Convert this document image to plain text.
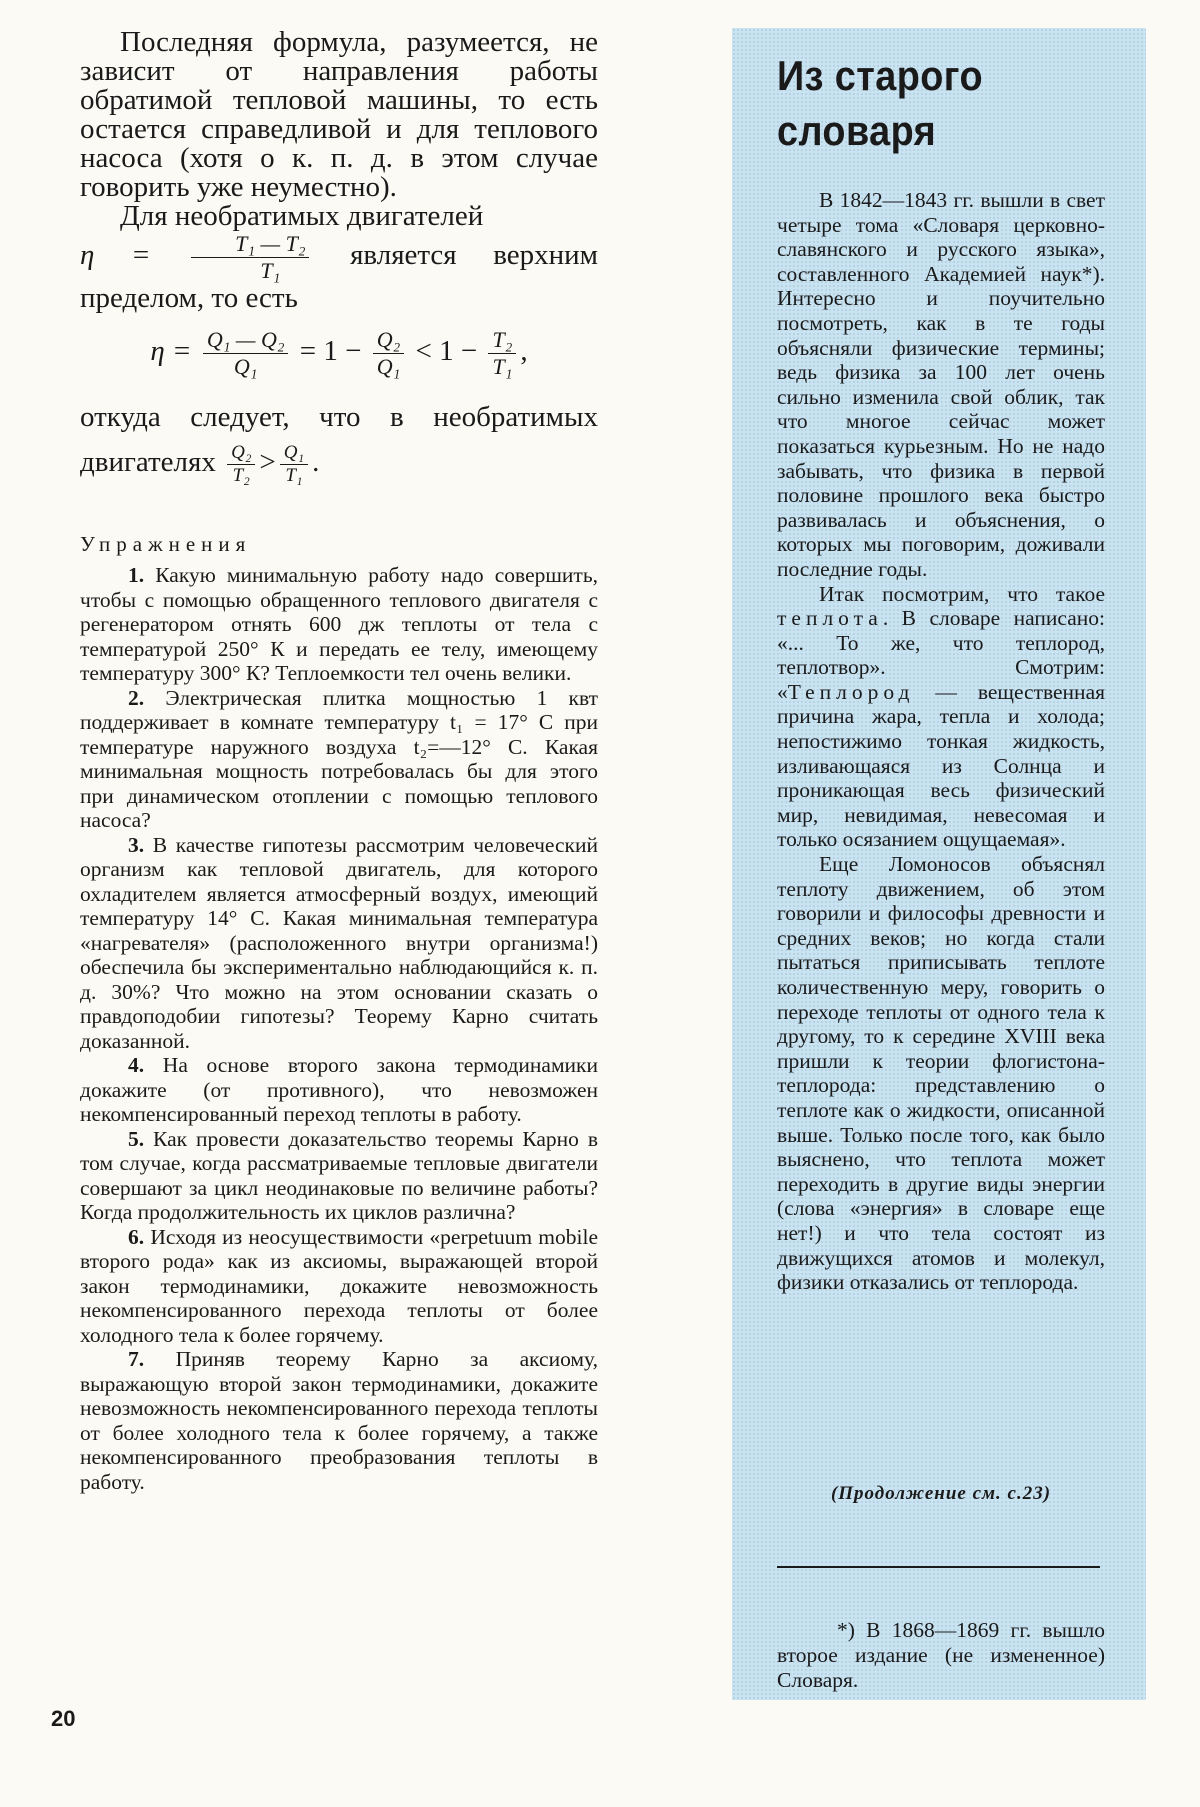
Последняя формула, разумеется, не зависит от направления работы обратимой тепловой машины, то есть остается справедливой и для теплового насоса (хотя о к. п. д. в этом случае говорить уже неуместно).

Для необратимых двигателей
$\eta = \frac{\text{T₁ — T₂}}{\text{T₁}}$ является верхним пределом, то есть

$\eta = \frac{\text{Q₁ — Q₂}}{\text{Q₁}} = 1 - \frac{\text{Q₂}}{\text{Q₁}} < 1 - \frac{\text{T₂}}{\text{T₁}}$ ,

откуда следует, что в необратимых

двигателях $\frac{\text{Q₂}}{\text{T₂}} > \frac{\text{Q₁}}{\text{T₁}}$ .
Упражнения

1. Какую минимальную работу надо совершить, чтобы с помощью обращенного теплового двигателя с регенератором отнять 600 дж теплоты от тела с температурой 250° К и передать ее телу, имеющему температуру 300° К? Теплоемкости тел очень велики.

2. Электрическая плитка мощностью 1 квт поддерживает в комнате температуру t₁ = 17° С при температуре наружного воздуха t₂=—12° С. Какая минимальная мощность потребовалась бы для этого при динамическом отоплении с помощью теплового насоса?

3. В качестве гипотезы рассмотрим человеческий организм как тепловой двигатель, для которого охладителем является атмосферный воздух, имеющий температуру 14° С. Какая минимальная температура «нагревателя» (расположенного внутри организма!) обеспечила бы экспериментально наблюдающийся к. п. д. 30%? Что можно на этом основании сказать о правдоподобии гипотезы? Теорему Карно считать доказанной.

4. На основе второго закона термодинамики докажите (от противного), что невозможен некомпенсированный переход теплоты в работу.

5. Как провести доказательство теоремы Карно в том случае, когда рассматриваемые тепловые двигатели совершают за цикл неодинаковые по величине работы? Когда продолжительность их циклов различна?

6. Исходя из неосуществимости «perpetuum mobile второго рода» как из аксиомы, выражающей второй закон термодинамики, докажите невозможность некомпенсированного перехода теплоты от более холодного тела к более горячему.

7. Приняв теорему Карно за аксиому, выражающую второй закон термодинамики, докажите невозможность некомпенсированного перехода теплоты от более холодного тела к более горячему, а также некомпенсированного преобразования теплоты в работу.

20
Из старого
словаря

В 1842—1843 гг. вышли в свет четыре тома «Словаря церковно-славянского и русского языка», составленного Академией наук*). Интересно и поучительно посмотреть, как в те годы объясняли физические термины; ведь физика за 100 лет очень сильно изменила свой облик, так что многое сейчас может показаться курьезным. Но не надо забывать, что физика в первой половине прошлого века быстро развивалась и объяснения, о которых мы поговорим, доживали последние годы.

Итак посмотрим, что такое теплота. В словаре написано: «... То же, что теплород, теплотвор». Смотрим: «Теплород — вещественная причина жара, тепла и холода; непостижимо тонкая жидкость, изливающаяся из Солнца и проникающая весь физический мир, невидимая, невесомая и только осязанием ощущаемая».

Еще Ломоносов объяснял теплоту движением, об этом говорили и философы древности и средних веков; но когда стали пытаться приписывать теплоте количественную меру, говорить о переходе теплоты от одного тела к другому, то к середине XVIII века пришли к теории флогистона-теплорода: представлению о теплоте как о жидкости, описанной выше. Только после того, как было выяснено, что теплота может переходить в другие виды энергии (слова «энергия» в словаре еще нет!) и что тела состоят из движущихся атомов и молекул, физики отказались от теплорода.

(Продолжение см. с.23)
*) В 1868—1869 гг. вышло второе издание (не измененное) Словаря.
